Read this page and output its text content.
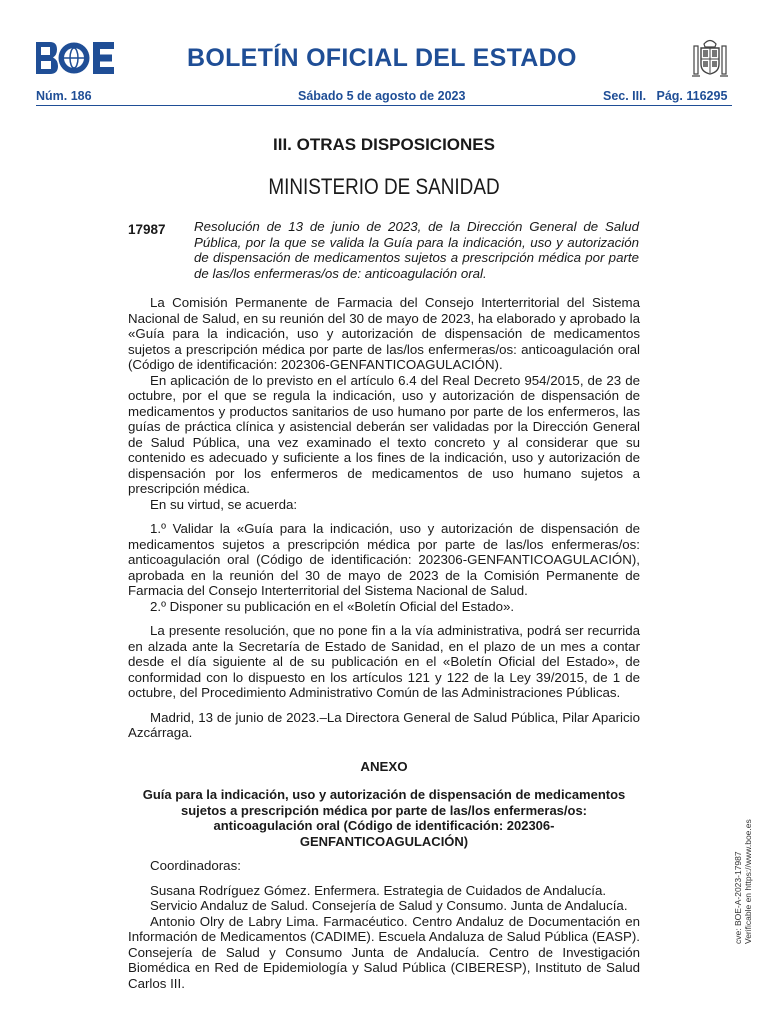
BOLETÍN OFICIAL DEL ESTADO
Núm. 186	Sábado 5 de agosto de 2023	Sec. III.   Pág. 116295
III. OTRAS DISPOSICIONES
MINISTERIO DE SANIDAD
17987 Resolución de 13 de junio de 2023, de la Dirección General de Salud Pública, por la que se valida la Guía para la indicación, uso y autorización de dispensación de medicamentos sujetos a prescripción médica por parte de las/los enfermeras/os de: anticoagulación oral.

La Comisión Permanente de Farmacia del Consejo Interterritorial del Sistema Nacional de Salud, en su reunión del 30 de mayo de 2023, ha elaborado y aprobado la «Guía para la indicación, uso y autorización de dispensación de medicamentos sujetos a prescripción médica por parte de las/los enfermeras/os: anticoagulación oral (Código de identificación: 202306-GENFANTICOAGULACIÓN).

En aplicación de lo previsto en el artículo 6.4 del Real Decreto 954/2015, de 23 de octubre, por el que se regula la indicación, uso y autorización de dispensación de medicamentos y productos sanitarios de uso humano por parte de los enfermeros, las guías de práctica clínica y asistencial deberán ser validadas por la Dirección General de Salud Pública, una vez examinado el texto concreto y al considerar que su contenido es adecuado y suficiente a los fines de la indicación, uso y autorización de dispensación por los enfermeros de medicamentos de uso humano sujetos a prescripción médica.

En su virtud, se acuerda:

1.º Validar la «Guía para la indicación, uso y autorización de dispensación de medicamentos sujetos a prescripción médica por parte de las/los enfermeras/os: anticoagulación oral (Código de identificación: 202306-GENFANTICOAGULACIÓN), aprobada en la reunión del 30 de mayo de 2023 de la Comisión Permanente de Farmacia del Consejo Interterritorial del Sistema Nacional de Salud.

2.º Disponer su publicación en el «Boletín Oficial del Estado».

La presente resolución, que no pone fin a la vía administrativa, podrá ser recurrida en alzada ante la Secretaría de Estado de Sanidad, en el plazo de un mes a contar desde el día siguiente al de su publicación en el «Boletín Oficial del Estado», de conformidad con lo dispuesto en los artículos 121 y 122 de la Ley 39/2015, de 1 de octubre, del Procedimiento Administrativo Común de las Administraciones Públicas.

Madrid, 13 de junio de 2023.–La Directora General de Salud Pública, Pilar Aparicio Azcárraga.

ANEXO

Guía para la indicación, uso y autorización de dispensación de medicamentos sujetos a prescripción médica por parte de las/los enfermeras/os: anticoagulación oral (Código de identificación: 202306-GENFANTICOAGULACIÓN)

Coordinadoras:

Susana Rodríguez Gómez. Enfermera. Estrategia de Cuidados de Andalucía.

Servicio Andaluz de Salud. Consejería de Salud y Consumo. Junta de Andalucía.

Antonio Olry de Labry Lima. Farmacéutico. Centro Andaluz de Documentación en Información de Medicamentos (CADIME). Escuela Andaluza de Salud Pública (EASP). Consejería de Salud y Consumo Junta de Andalucía. Centro de Investigación Biomédica en Red de Epidemiología y Salud Pública (CIBERESP), Instituto de Salud Carlos III.

cve: BOE-A-2023-17987 Verificable en https://www.boe.es
